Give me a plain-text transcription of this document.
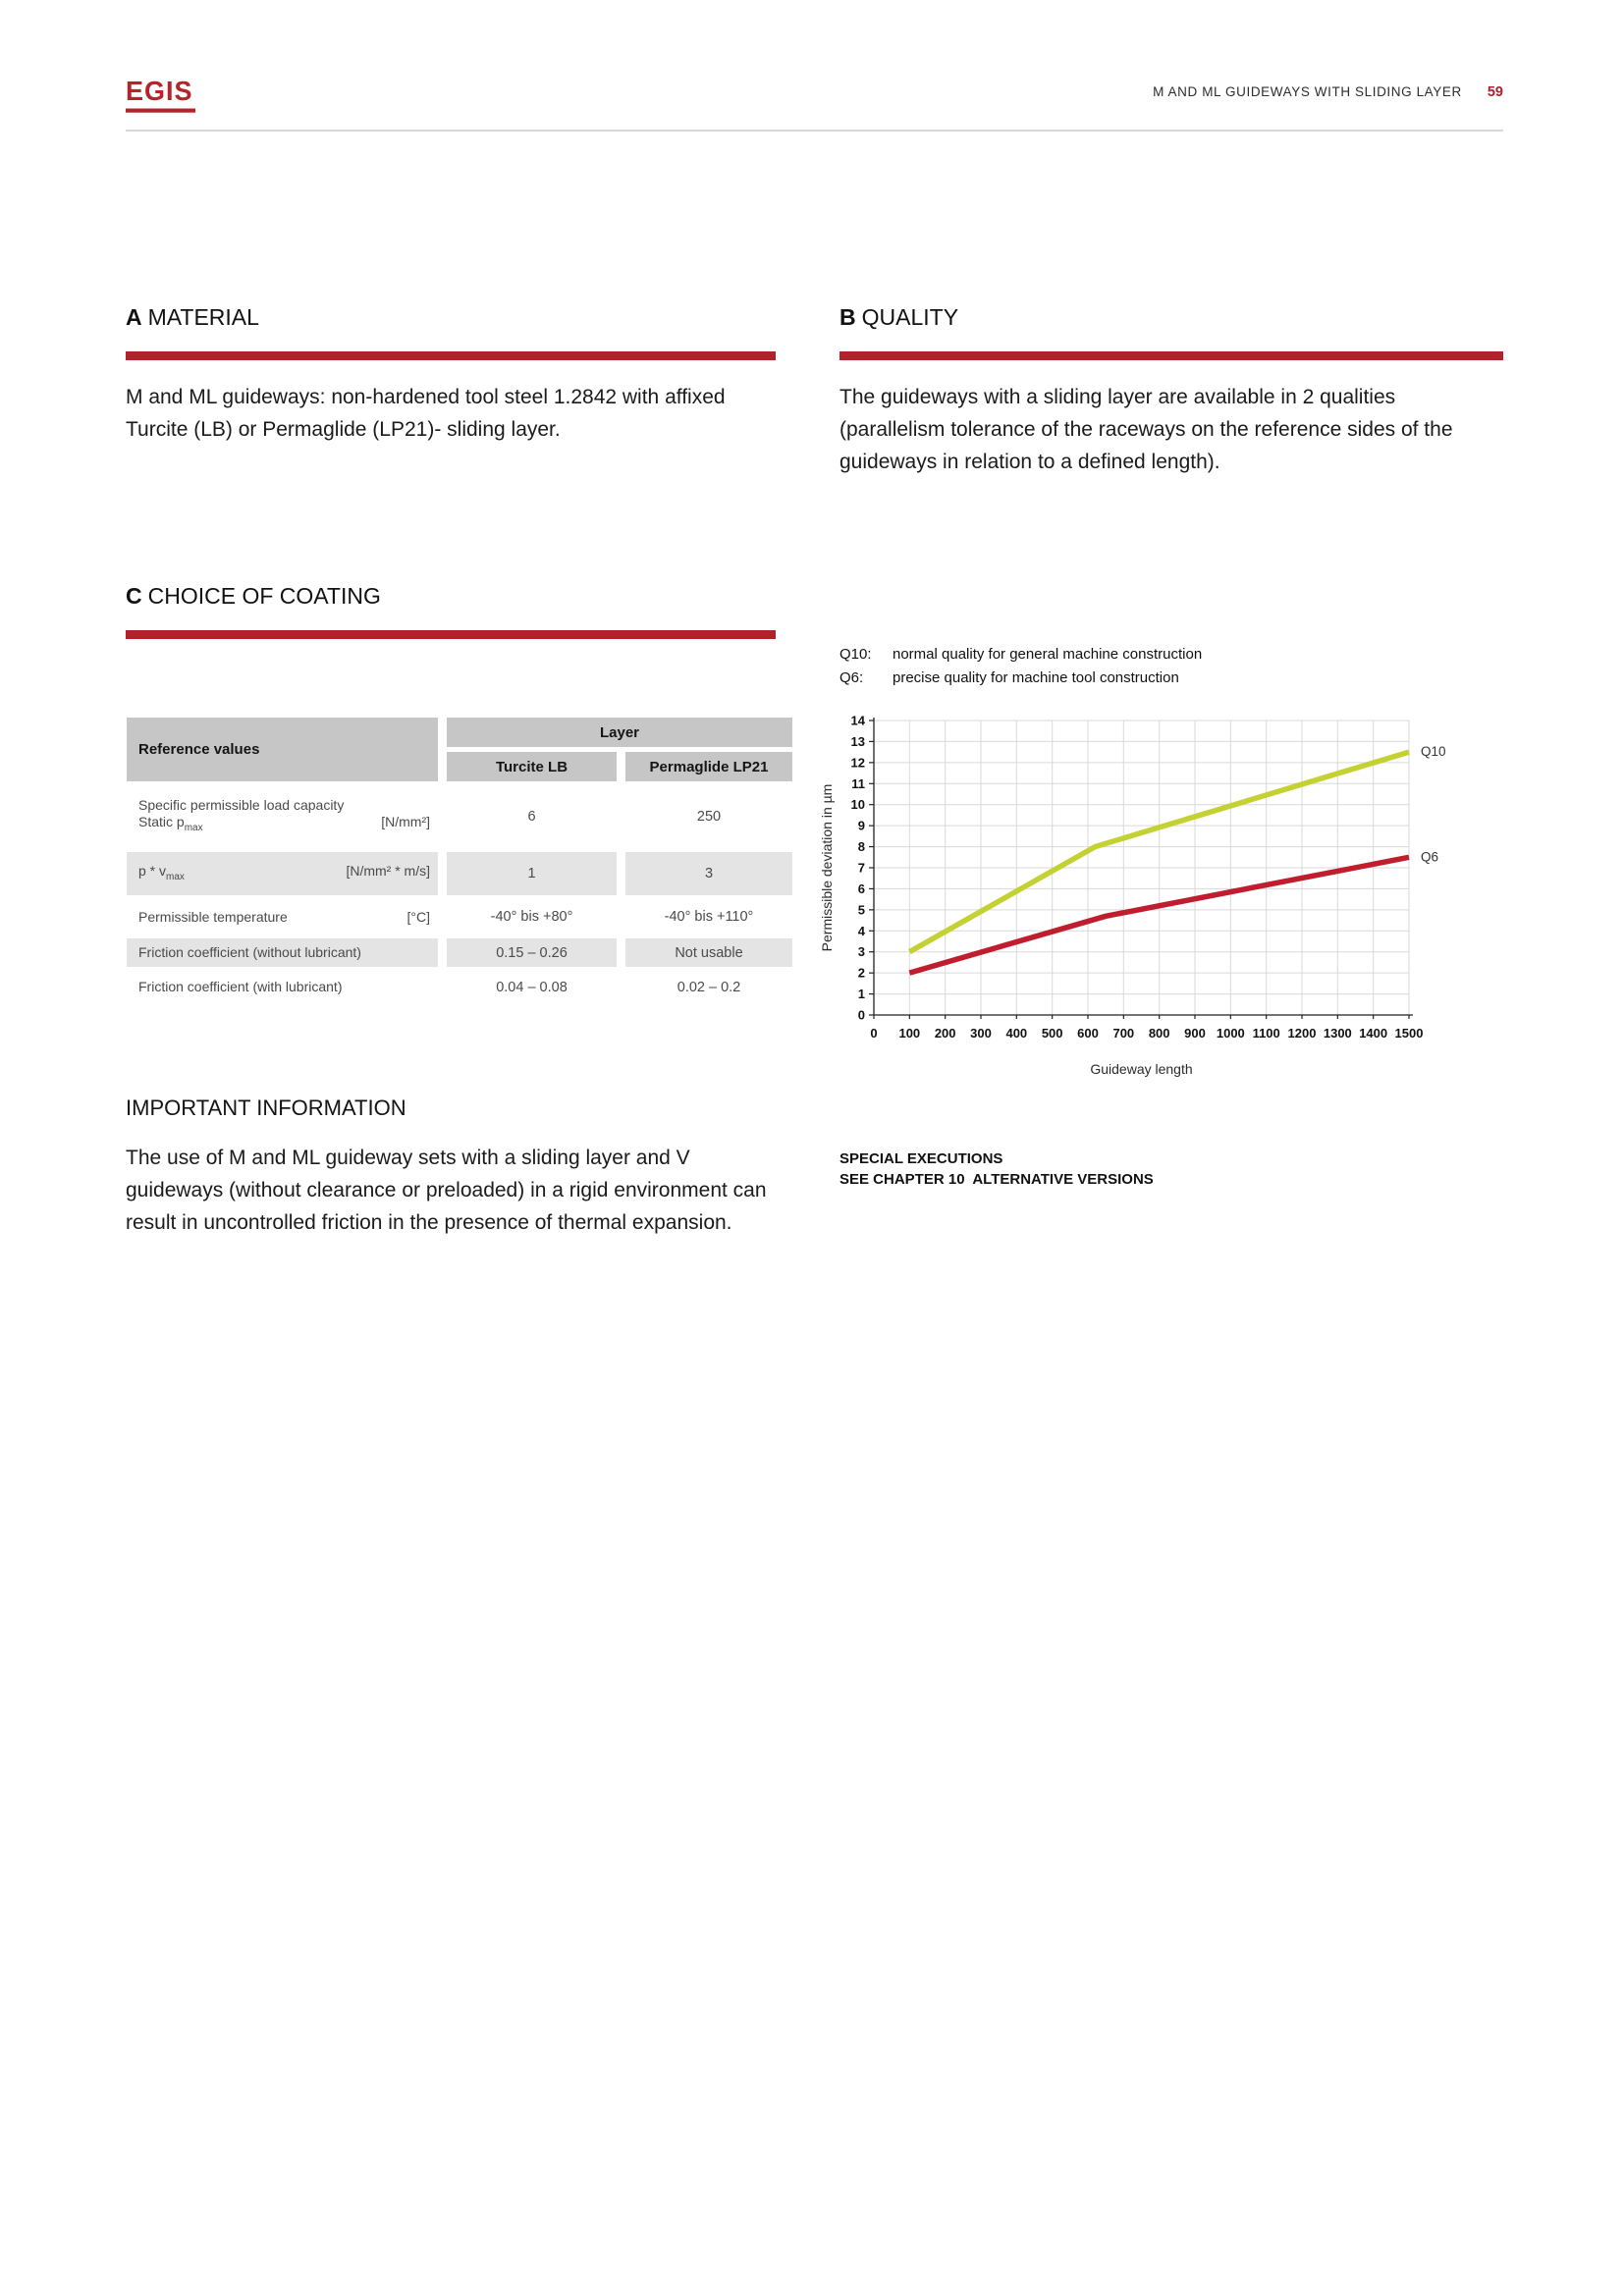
EGIS	M AND ML GUIDEWAYS WITH SLIDING LAYER 59
A MATERIAL

M and ML guideways: non-hardened tool steel 1.2842 with affixed Turcite (LB) or Permaglide (LP21)- sliding layer.

B QUALITY

The guideways with a sliding layer are available in 2 qualities (parallelism tolerance of the raceways on the reference sides of the guideways in relation to a defined length).

C CHOICE OF COATING
Q10:	normal quality for general machine construction
Q6:	precise quality for machine tool construction
Reference values
Layer
Turcite LB	Permaglide LP21
Specific permissible load capacity
Static $p_{max}$	[N/mm²]	6	250
p * $v_{max}$	[N/mm² * m/s]	1	3
Permissible temperature	[°C]	-40° bis +80°	-40° bis +110°
Friction coefficient (without lubricant)	0.15 – 0.26	Not usable
Friction coefficient (with lubricant)	0.04 – 0.08	0.02 – 0.2
0
1
2
3
4
5
6
7
8
9
10
11
12
13
14
0 100 200 300 400 500 600 700 800 900 1000 1100 1200 1300 1400 1500
Q10
Q6
Permissible deviation in µm
Guideway length
IMPORTANT INFORMATION

The use of M and ML guideway sets with a sliding layer and V guideways (without clearance or preloaded) in a rigid environment can result in uncontrolled friction in the presence of thermal expansion.

SPECIAL EXECUTIONS
SEE CHAPTER 10  ALTERNATIVE VERSIONS
